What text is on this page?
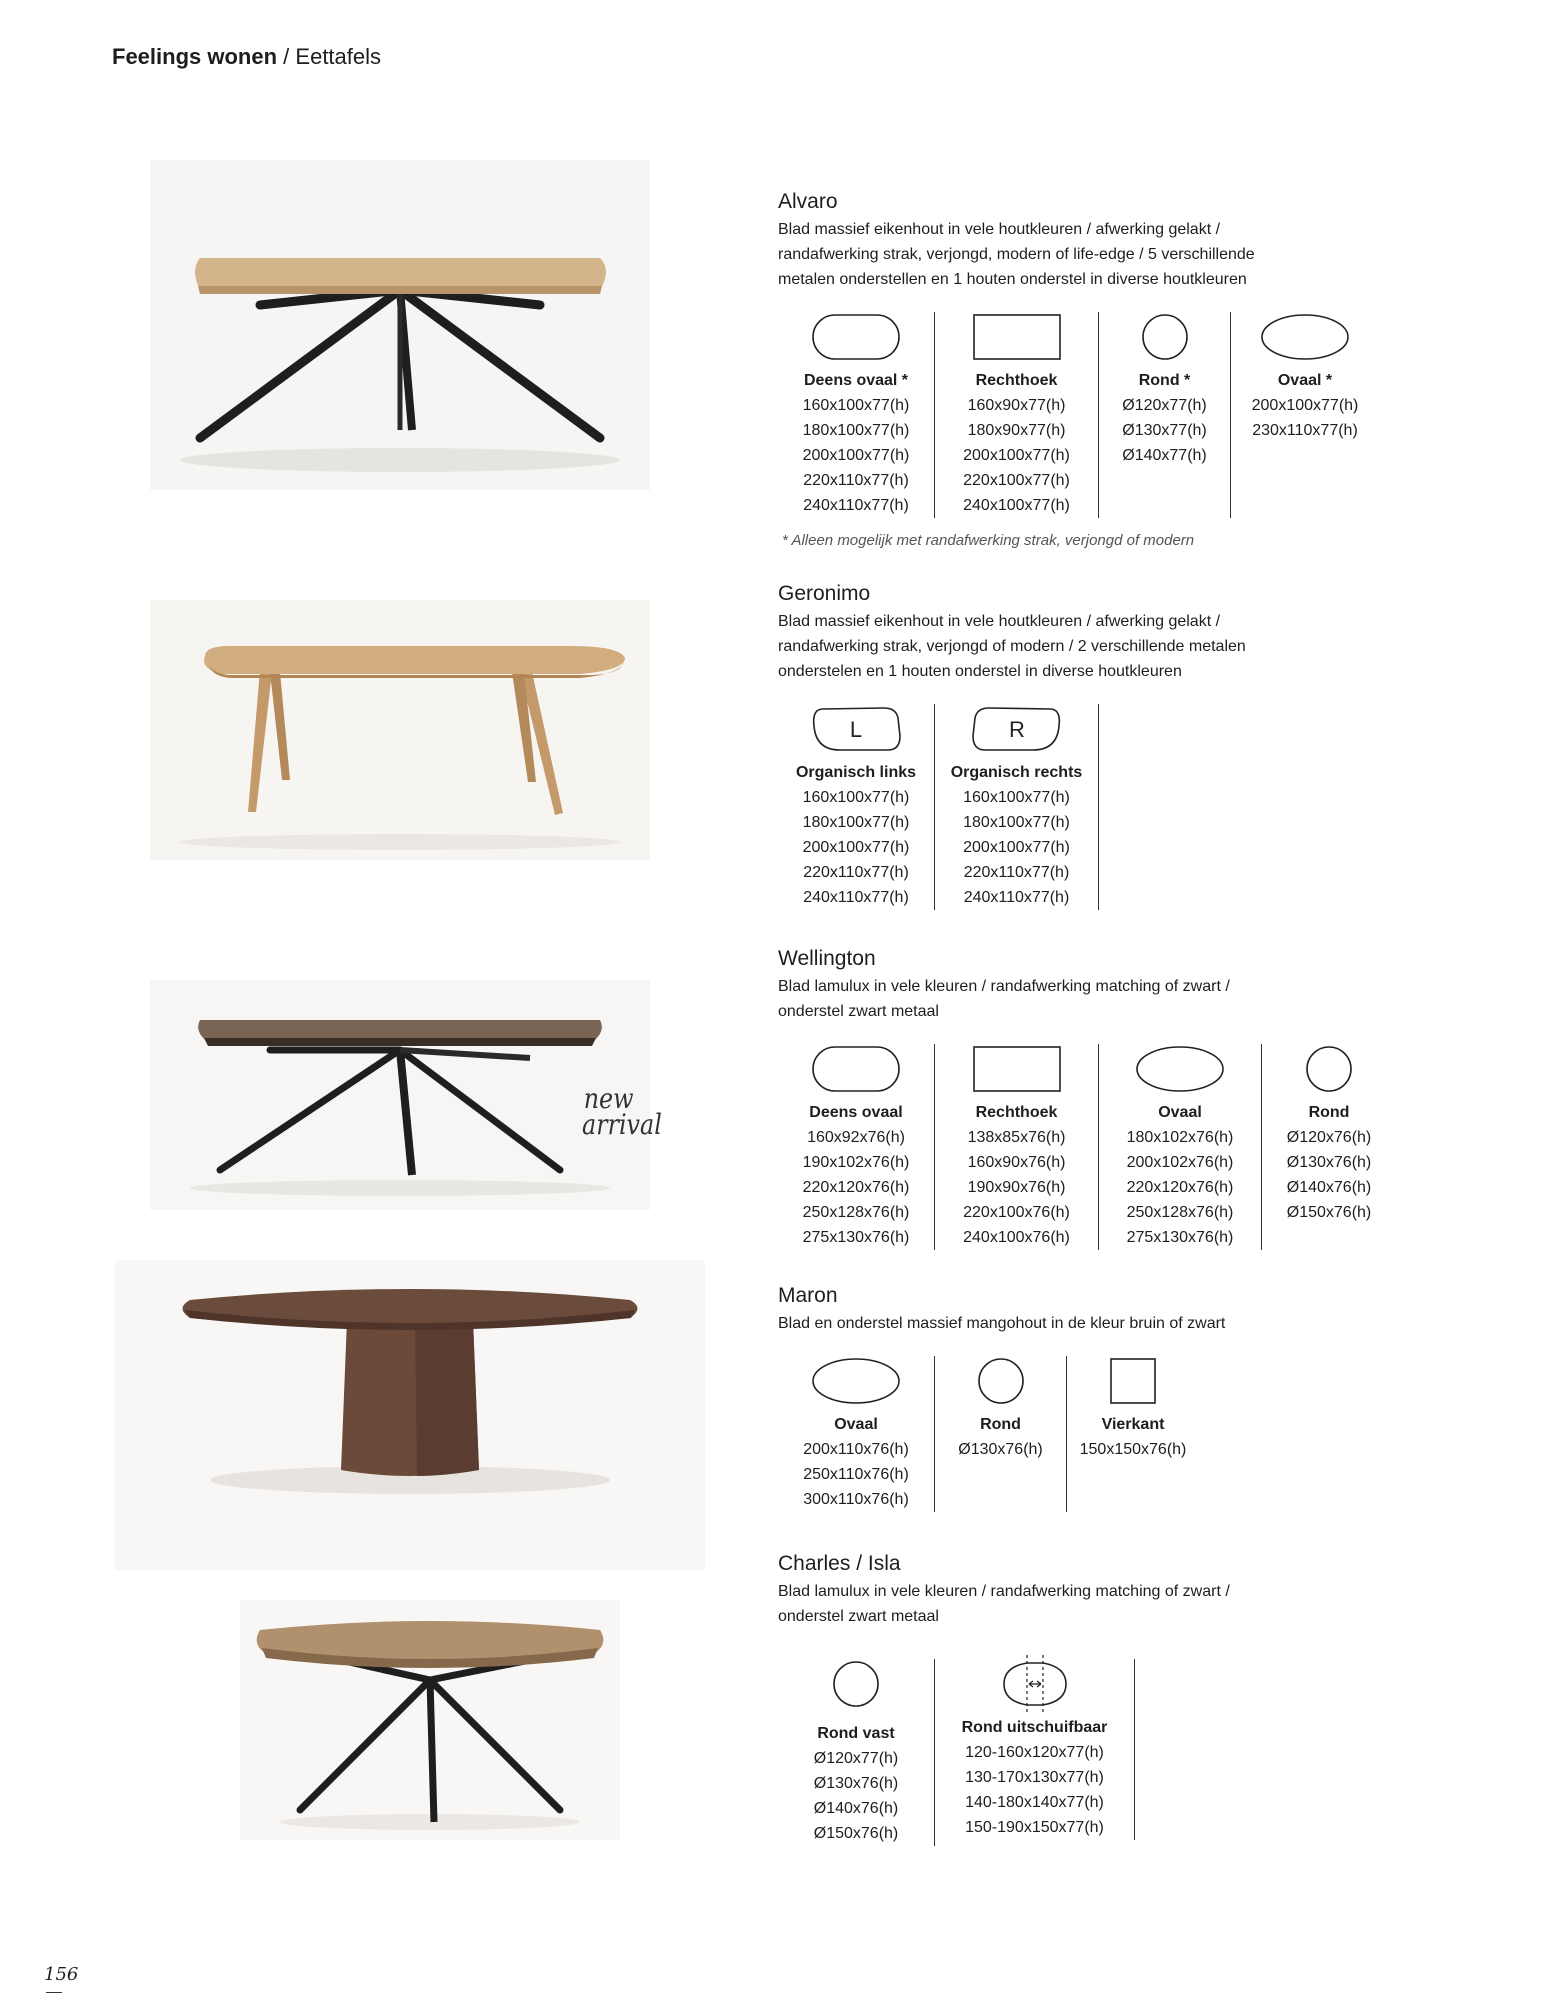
Feelings wonen / Eettafels
new
arrival
Alvaro
Blad massief eikenhout in vele houtkleuren / afwerking gelakt /
randafwerking strak, verjongd, modern of life-edge / 5 verschillende
metalen onderstellen en 1 houten onderstel in diverse houtkleuren
Deens ovaal *
160x100x77(h)
180x100x77(h)
200x100x77(h)
220x110x77(h)
240x110x77(h)
Rechthoek
160x90x77(h)
180x90x77(h)
200x100x77(h)
220x100x77(h)
240x100x77(h)
Rond *
Ø120x77(h)
Ø130x77(h)
Ø140x77(h)
Ovaal *
200x100x77(h)
230x110x77(h)
* Alleen mogelijk met randafwerking strak, verjongd of modern
Geronimo
Blad massief eikenhout in vele houtkleuren / afwerking gelakt /
randafwerking strak, verjongd of modern / 2 verschillende metalen
onderstelen en 1 houten onderstel in diverse houtkleuren
L
Organisch links
160x100x77(h)
180x100x77(h)
200x100x77(h)
220x110x77(h)
240x110x77(h)
R
Organisch rechts
160x100x77(h)
180x100x77(h)
200x100x77(h)
220x110x77(h)
240x110x77(h)
Wellington
Blad lamulux in vele kleuren / randafwerking matching of zwart /
onderstel zwart metaal
Deens ovaal
160x92x76(h)
190x102x76(h)
220x120x76(h)
250x128x76(h)
275x130x76(h)
Rechthoek
138x85x76(h)
160x90x76(h)
190x90x76(h)
220x100x76(h)
240x100x76(h)
Ovaal
180x102x76(h)
200x102x76(h)
220x120x76(h)
250x128x76(h)
275x130x76(h)
Rond
Ø120x76(h)
Ø130x76(h)
Ø140x76(h)
Ø150x76(h)
Maron
Blad en onderstel massief mangohout in de kleur bruin of zwart
Ovaal
200x110x76(h)
250x110x76(h)
300x110x76(h)
Rond
Ø130x76(h)
Vierkant
150x150x76(h)
Charles / Isla
Blad lamulux in vele kleuren / randafwerking matching of zwart /
onderstel zwart metaal
Rond vast
Ø120x77(h)
Ø130x76(h)
Ø140x76(h)
Ø150x76(h)
Rond uitschuifbaar
120-160x120x77(h)
130-170x130x77(h)
140-180x140x77(h)
150-190x150x77(h)
156
